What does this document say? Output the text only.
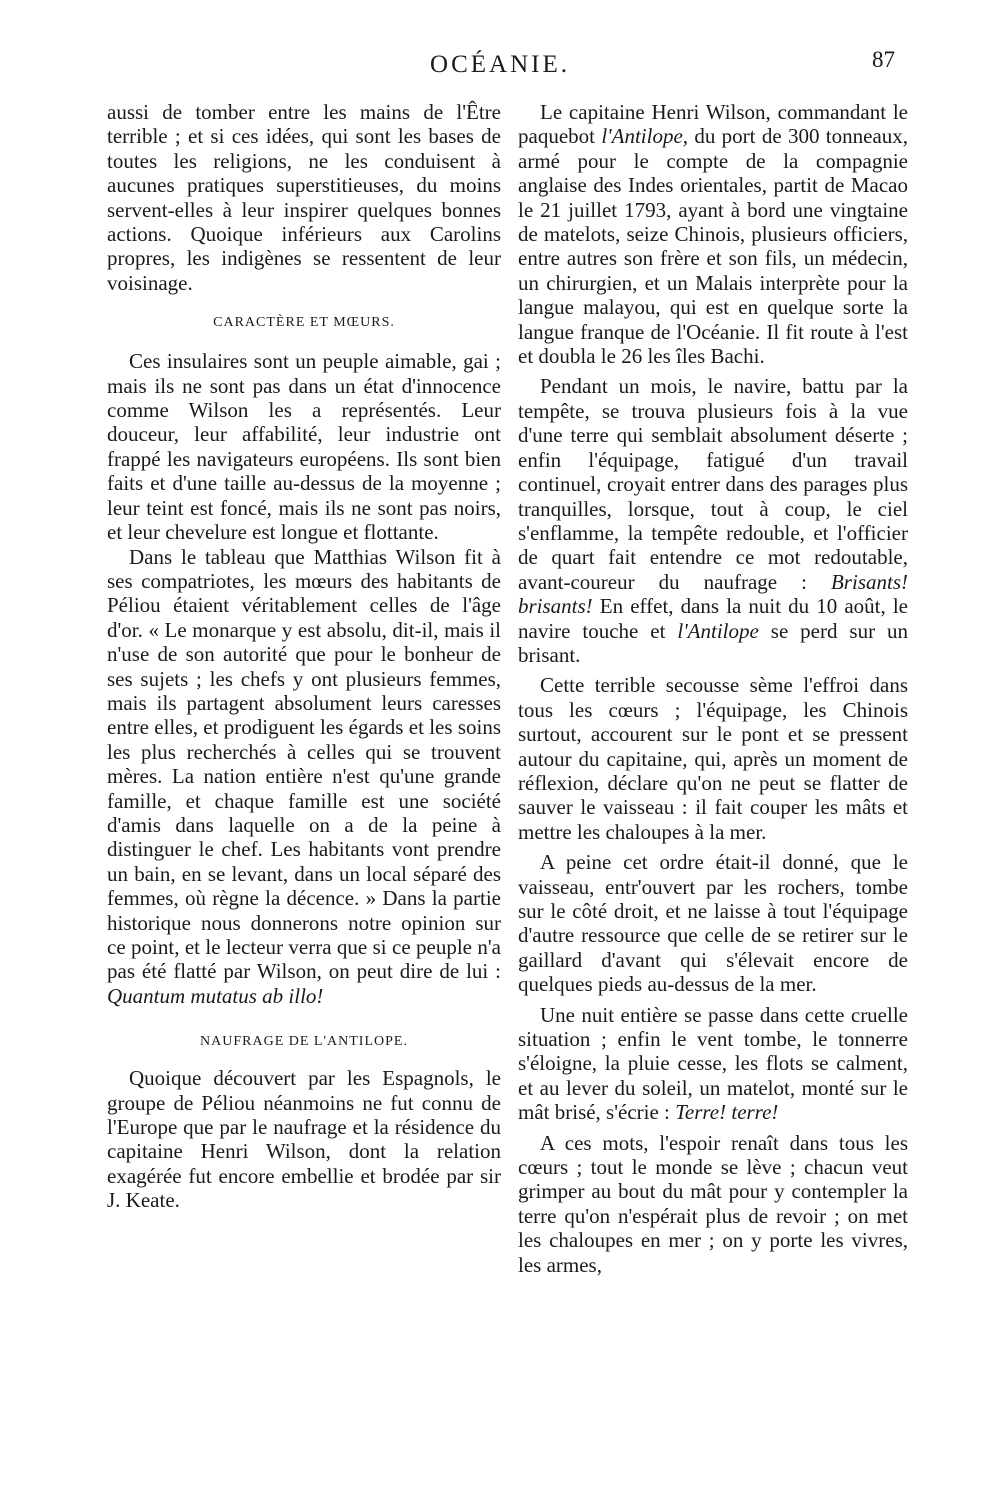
OCÉANIE.	87

aussi de tomber entre les mains de l'Être terrible ; et si ces idées, qui sont les bases de toutes les religions, ne les conduisent à aucunes pratiques superstitieuses, du moins servent-elles à leur inspirer quelques bonnes actions. Quoique inférieurs aux Carolins propres, les indigènes se ressentent de leur voisinage.

CARACTÈRE ET MŒURS.

Ces insulaires sont un peuple aimable, gai ; mais ils ne sont pas dans un état d'innocence comme Wilson les a représentés. Leur douceur, leur affabilité, leur industrie ont frappé les navigateurs européens. Ils sont bien faits et d'une taille au-dessus de la moyenne ; leur teint est foncé, mais ils ne sont pas noirs, et leur chevelure est longue et flottante.

Dans le tableau que Matthias Wilson fit à ses compatriotes, les mœurs des habitants de Péliou étaient véritablement celles de l'âge d'or. « Le monarque y est absolu, dit-il, mais il n'use de son autorité que pour le bonheur de ses sujets ; les chefs y ont plusieurs femmes, mais ils partagent absolument leurs caresses entre elles, et prodiguent les égards et les soins les plus recherchés à celles qui se trouvent mères. La nation entière n'est qu'une grande famille, et chaque famille est une société d'amis dans laquelle on a de la peine à distinguer le chef. Les habitants vont prendre un bain, en se levant, dans un local séparé des femmes, où règne la décence. » Dans la partie historique nous donnerons notre opinion sur ce point, et le lecteur verra que si ce peuple n'a pas été flatté par Wilson, on peut dire de lui : Quantum mutatus ab illo!

NAUFRAGE DE L'ANTILOPE.

Quoique découvert par les Espagnols, le groupe de Péliou néanmoins ne fut connu de l'Europe que par le naufrage et la résidence du capitaine Henri Wilson, dont la relation exagérée fut encore embellie et brodée par sir J. Keate.

Le capitaine Henri Wilson, commandant le paquebot l'Antilope, du port de 300 tonneaux, armé pour le compte de la compagnie anglaise des Indes orientales, partit de Macao le 21 juillet 1793, ayant à bord une vingtaine de matelots, seize Chinois, plusieurs officiers, entre autres son frère et son fils, un médecin, un chirurgien, et un Malais interprète pour la langue malayou, qui est en quelque sorte la langue franque de l'Océanie. Il fit route à l'est et doubla le 26 les îles Bachi.

Pendant un mois, le navire, battu par la tempête, se trouva plusieurs fois à la vue d'une terre qui semblait absolument déserte ; enfin l'équipage, fatigué d'un travail continuel, croyait entrer dans des parages plus tranquilles, lorsque, tout à coup, le ciel s'enflamme, la tempête redouble, et l'officier de quart fait entendre ce mot redoutable, avant-coureur du naufrage : Brisants! brisants! En effet, dans la nuit du 10 août, le navire touche et l'Antilope se perd sur un brisant.

Cette terrible secousse sème l'effroi dans tous les cœurs ; l'équipage, les Chinois surtout, accourent sur le pont et se pressent autour du capitaine, qui, après un moment de réflexion, déclare qu'on ne peut se flatter de sauver le vaisseau : il fait couper les mâts et mettre les chaloupes à la mer.

A peine cet ordre était-il donné, que le vaisseau, entr'ouvert par les rochers, tombe sur le côté droit, et ne laisse à tout l'équipage d'autre ressource que celle de se retirer sur le gaillard d'avant qui s'élevait encore de quelques pieds au-dessus de la mer.

Une nuit entière se passe dans cette cruelle situation ; enfin le vent tombe, le tonnerre s'éloigne, la pluie cesse, les flots se calment, et au lever du soleil, un matelot, monté sur le mât brisé, s'écrie : Terre! terre!

A ces mots, l'espoir renaît dans tous les cœurs ; tout le monde se lève ; chacun veut grimper au bout du mât pour y contempler la terre qu'on n'espérait plus de revoir ; on met les chaloupes en mer ; on y porte les vivres, les armes,
